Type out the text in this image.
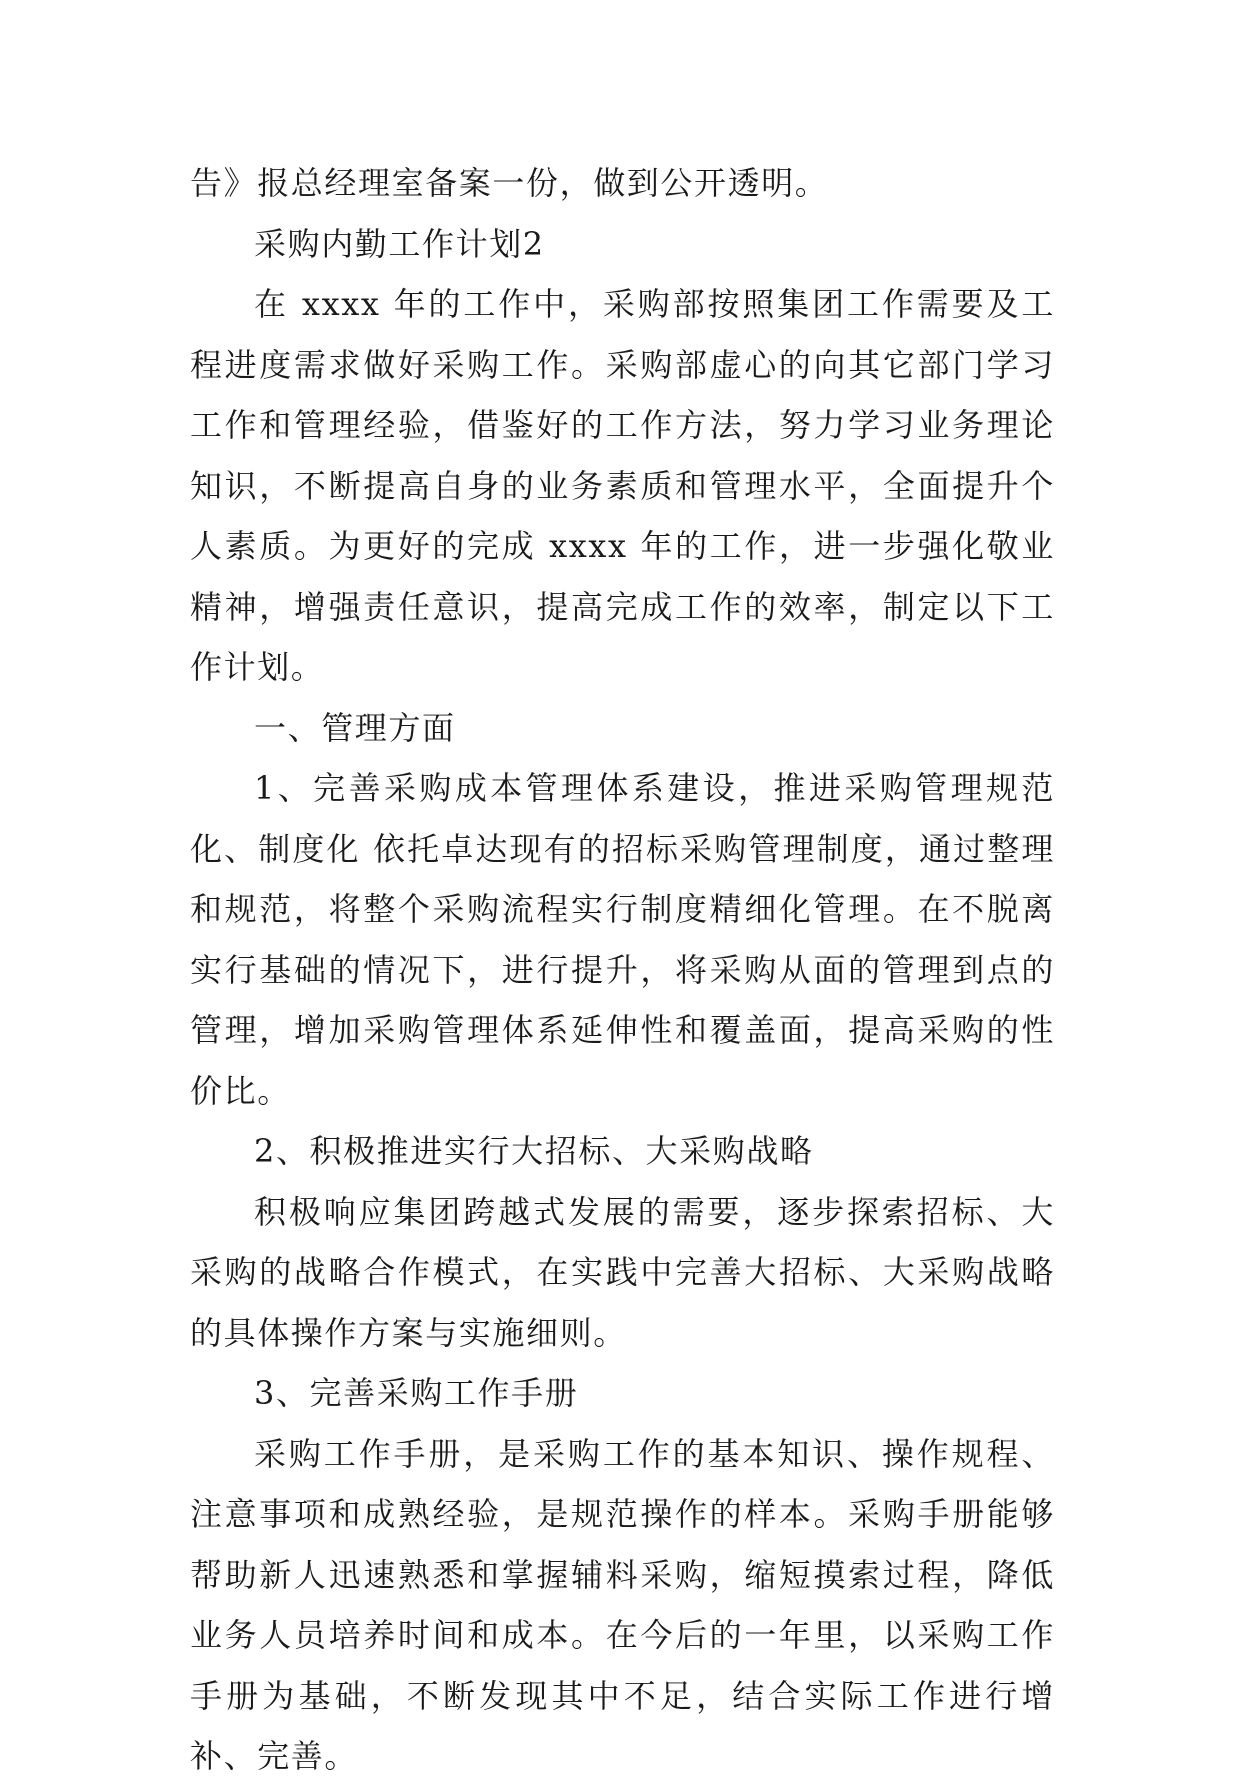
告》报总经理室备案一份，做到公开透明。

采购内勤工作计划2

在 xxxx 年的工作中，采购部按照集团工作需要及工程进度需求做好采购工作。采购部虚心的向其它部门学习工作和管理经验，借鉴好的工作方法，努力学习业务理论知识，不断提高自身的业务素质和管理水平，全面提升个人素质。为更好的完成 xxxx 年的工作，进一步强化敬业精神，增强责任意识，提高完成工作的效率，制定以下工作计划。

一、管理方面

1、完善采购成本管理体系建设，推进采购管理规范化、制度化 依托卓达现有的招标采购管理制度，通过整理和规范，将整个采购流程实行制度精细化管理。在不脱离实行基础的情况下，进行提升，将采购从面的管理到点的管理，增加采购管理体系延伸性和覆盖面，提高采购的性价比。

2、积极推进实行大招标、大采购战略

积极响应集团跨越式发展的需要，逐步探索招标、大采购的战略合作模式，在实践中完善大招标、大采购战略的具体操作方案与实施细则。

3、完善采购工作手册

采购工作手册，是采购工作的基本知识、操作规程、注意事项和成熟经验，是规范操作的样本。采购手册能够帮助新人迅速熟悉和掌握辅料采购，缩短摸索过程，降低业务人员培养时间和成本。在今后的一年里，以采购工作手册为基础，不断发现其中不足，结合实际工作进行增补、完善。
